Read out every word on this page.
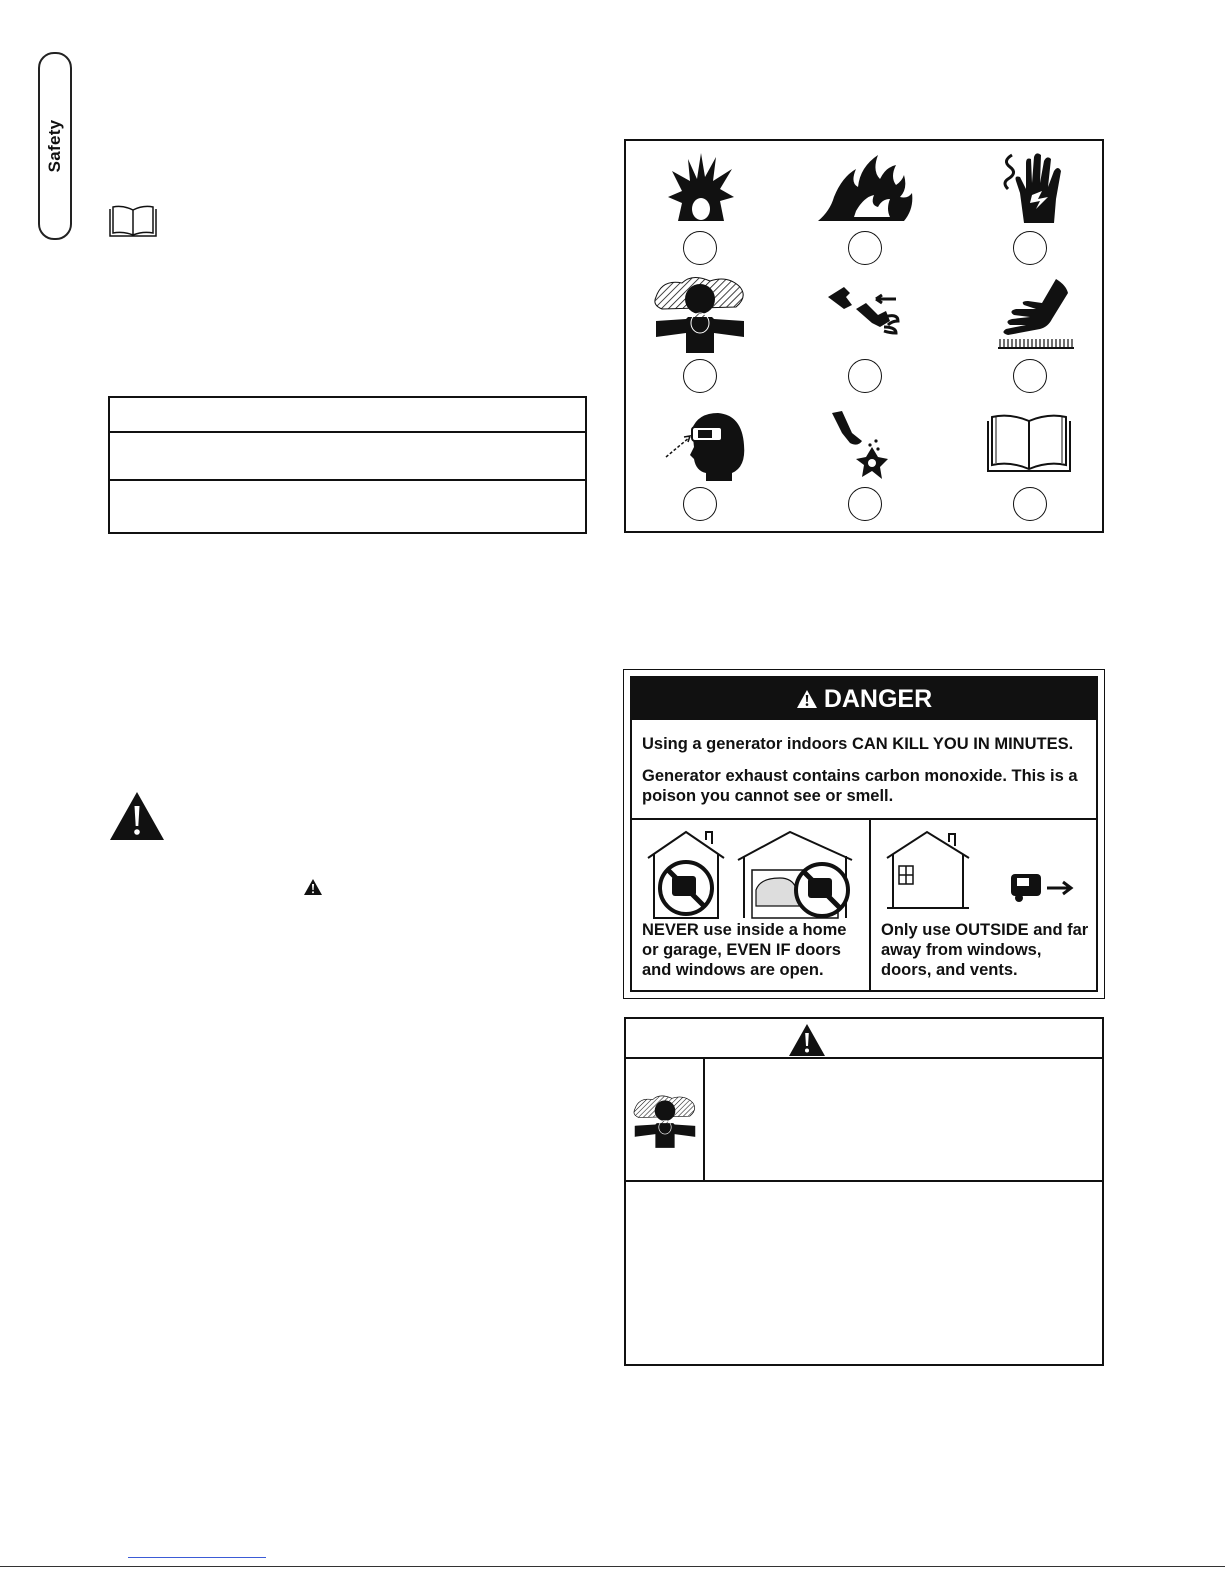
Safety
DANGER

Using a generator indoors CAN KILL YOU IN MINUTES.

Generator exhaust contains carbon monoxide. This is a poison you cannot see or smell.

NEVER use inside a home or garage, EVEN IF doors and windows are open.
Only use OUTSIDE and far away from windows, doors, and vents.
